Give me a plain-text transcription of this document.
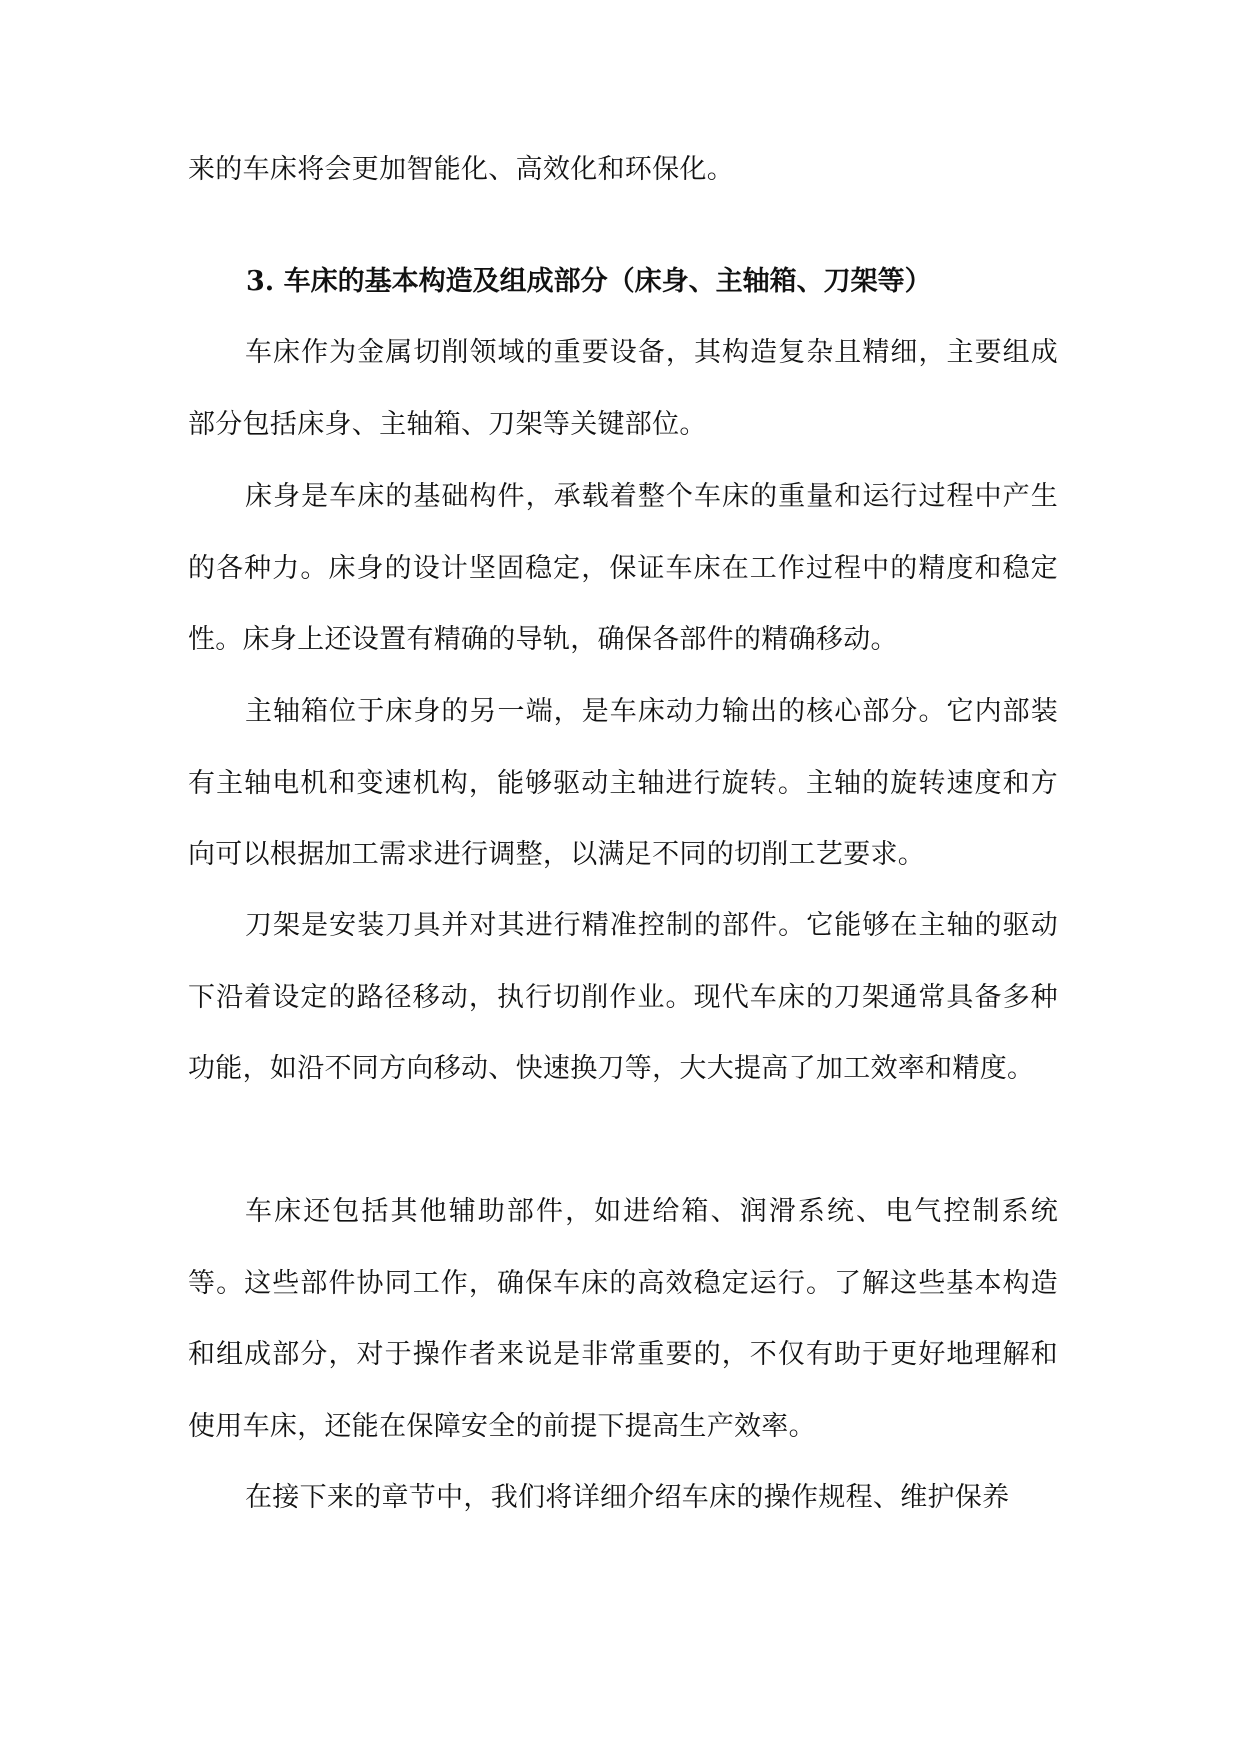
来的车床将会更加智能化、高效化和环保化。

3. 车床的基本构造及组成部分（床身、主轴箱、刀架等）

车床作为金属切削领域的重要设备，其构造复杂且精细，主要组成部分包括床身、主轴箱、刀架等关键部位。

床身是车床的基础构件，承载着整个车床的重量和运行过程中产生的各种力。床身的设计坚固稳定，保证车床在工作过程中的精度和稳定性。床身上还设置有精确的导轨，确保各部件的精确移动。

主轴箱位于床身的另一端，是车床动力输出的核心部分。它内部装有主轴电机和变速机构，能够驱动主轴进行旋转。主轴的旋转速度和方向可以根据加工需求进行调整，以满足不同的切削工艺要求。

刀架是安装刀具并对其进行精准控制的部件。它能够在主轴的驱动下沿着设定的路径移动，执行切削作业。现代车床的刀架通常具备多种功能，如沿不同方向移动、快速换刀等，大大提高了加工效率和精度。

车床还包括其他辅助部件，如进给箱、润滑系统、电气控制系统等。这些部件协同工作，确保车床的高效稳定运行。了解这些基本构造和组成部分，对于操作者来说是非常重要的，不仅有助于更好地理解和使用车床，还能在保障安全的前提下提高生产效率。

在接下来的章节中，我们将详细介绍车床的操作规程、维护保养
